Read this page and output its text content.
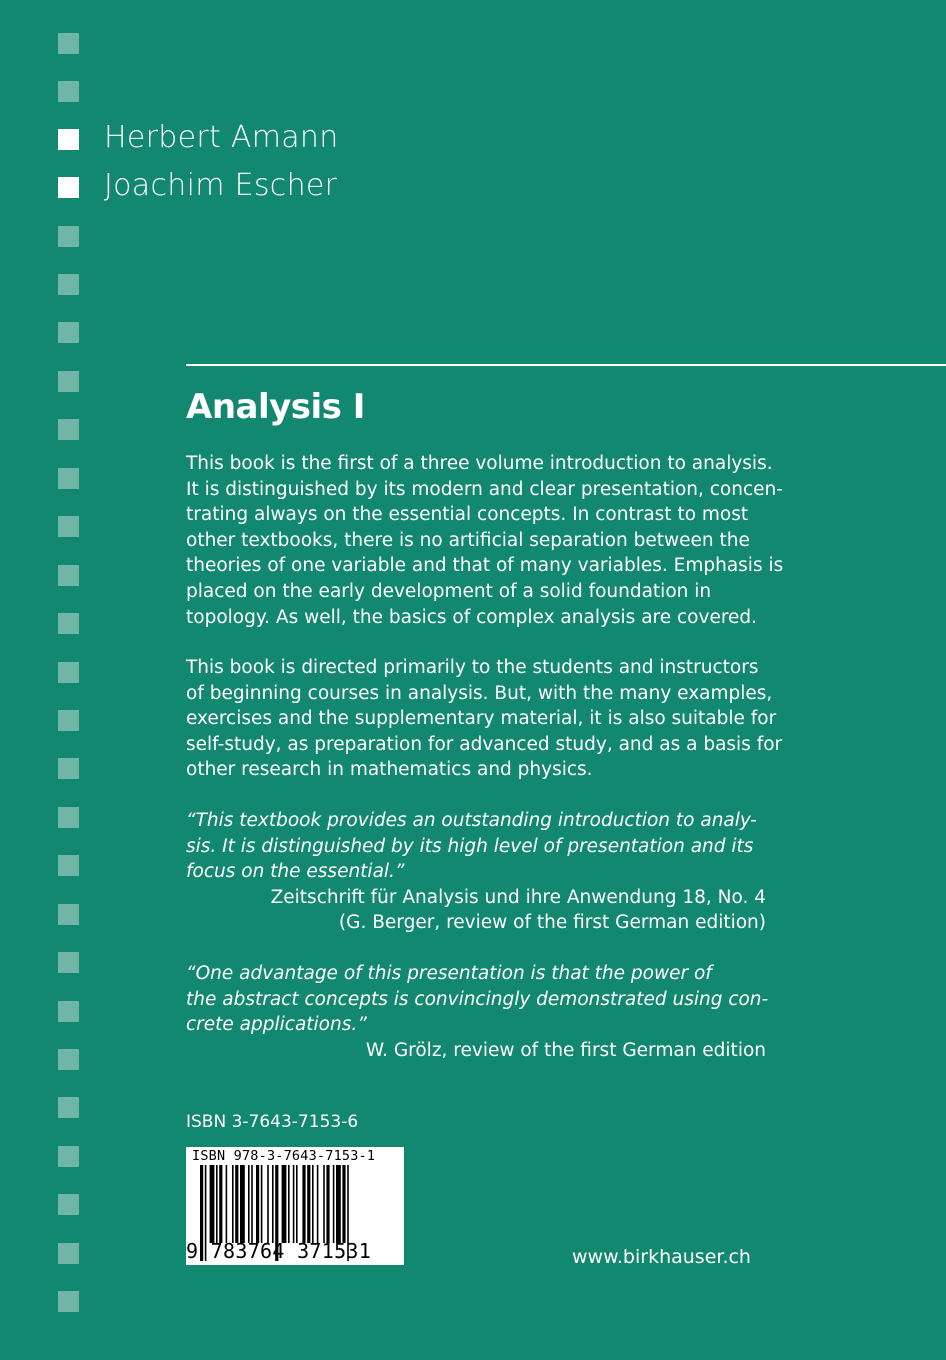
Herbert Amann
Joachim Escher
Analysis I
This book is the first of a three volume introduction to analysis.
It is distinguished by its modern and clear presentation, concen-
trating always on the essential concepts. In contrast to most
other textbooks, there is no artificial separation between the
theories of one variable and that of many variables. Emphasis is
placed on the early development of a solid foundation in
topology. As well, the basics of complex analysis are covered.
This book is directed primarily to the students and instructors
of beginning courses in analysis. But, with the many examples,
exercises and the supplementary material, it is also suitable for
self-study, as preparation for advanced study, and as a basis for
other research in mathematics and physics.
“This textbook provides an outstanding introduction to analy-
sis. It is distinguished by its high level of presentation and its
focus on the essential.”
Zeitschrift für Analysis und ihre Anwendung 18, No. 4
(G. Berger, review of the first German edition)
“One advantage of this presentation is that the power of
the abstract concepts is convincingly demonstrated using con-
crete applications.”
W. Grölz, review of the first German edition
ISBN 3-7643-7153-6
ISBN 978-3-7643-7153-1
9 783764 371531	www.birkhauser.ch
